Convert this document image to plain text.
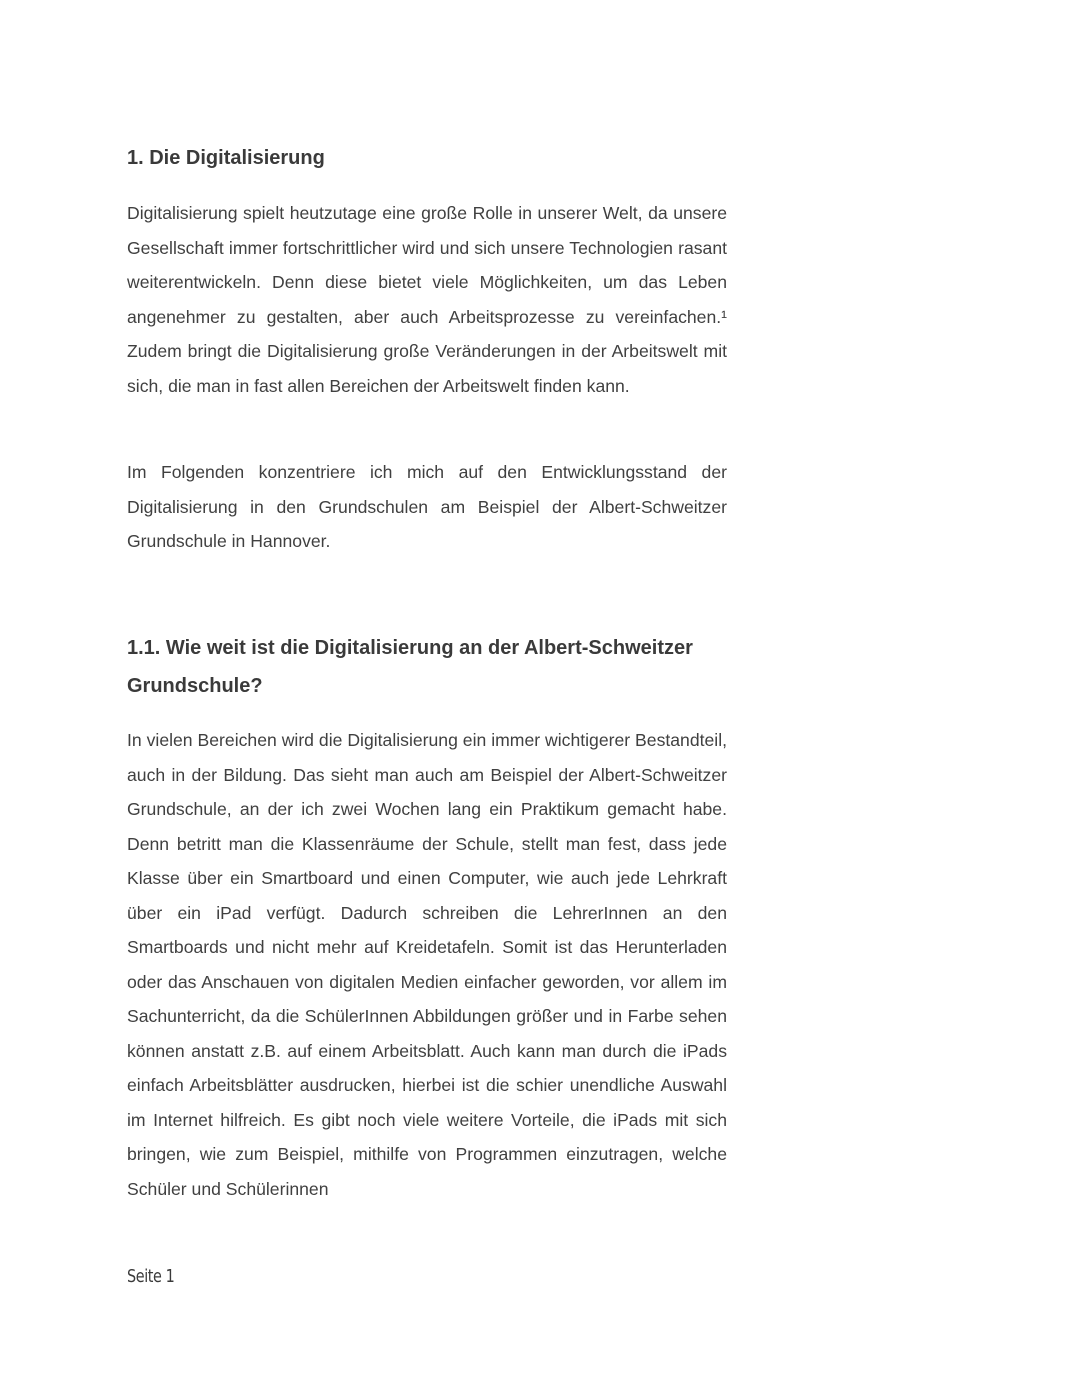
1. Die Digitalisierung

Digitalisierung spielt heutzutage eine große Rolle in unserer Welt, da unsere Gesellschaft immer fortschrittlicher wird und sich unsere Technologien rasant weiterentwickeln. Denn diese bietet viele Möglichkeiten, um das Leben angenehmer zu gestalten, aber auch Arbeitsprozesse zu vereinfachen.¹ Zudem bringt die Digitalisierung große Veränderungen in der Arbeitswelt mit sich, die man in fast allen Bereichen der Arbeitswelt finden kann.

Im Folgenden konzentriere ich mich auf den Entwicklungsstand der Digitalisierung in den Grundschulen am Beispiel der Albert-Schweitzer Grundschule in Hannover.

1.1. Wie weit ist die Digitalisierung an der Albert-Schweitzer Grundschule?

In vielen Bereichen wird die Digitalisierung ein immer wichtigerer Bestandteil, auch in der Bildung. Das sieht man auch am Beispiel der Albert-Schweitzer Grundschule, an der ich zwei Wochen lang ein Praktikum gemacht habe. Denn betritt man die Klassenräume der Schule, stellt man fest, dass jede Klasse über ein Smartboard und einen Computer, wie auch jede Lehrkraft über ein iPad verfügt. Dadurch schreiben die LehrerInnen an den Smartboards und nicht mehr auf Kreidetafeln. Somit ist das Herunterladen oder das Anschauen von digitalen Medien einfacher geworden, vor allem im Sachunterricht, da die SchülerInnen Abbildungen größer und in Farbe sehen können anstatt z.B. auf einem Arbeitsblatt. Auch kann man durch die iPads einfach Arbeitsblätter ausdrucken, hierbei ist die schier unendliche Auswahl im Internet hilfreich. Es gibt noch viele weitere Vorteile, die iPads mit sich bringen, wie zum Beispiel, mithilfe von Programmen einzutragen, welche Schüler und Schülerinnen

Seite 1
